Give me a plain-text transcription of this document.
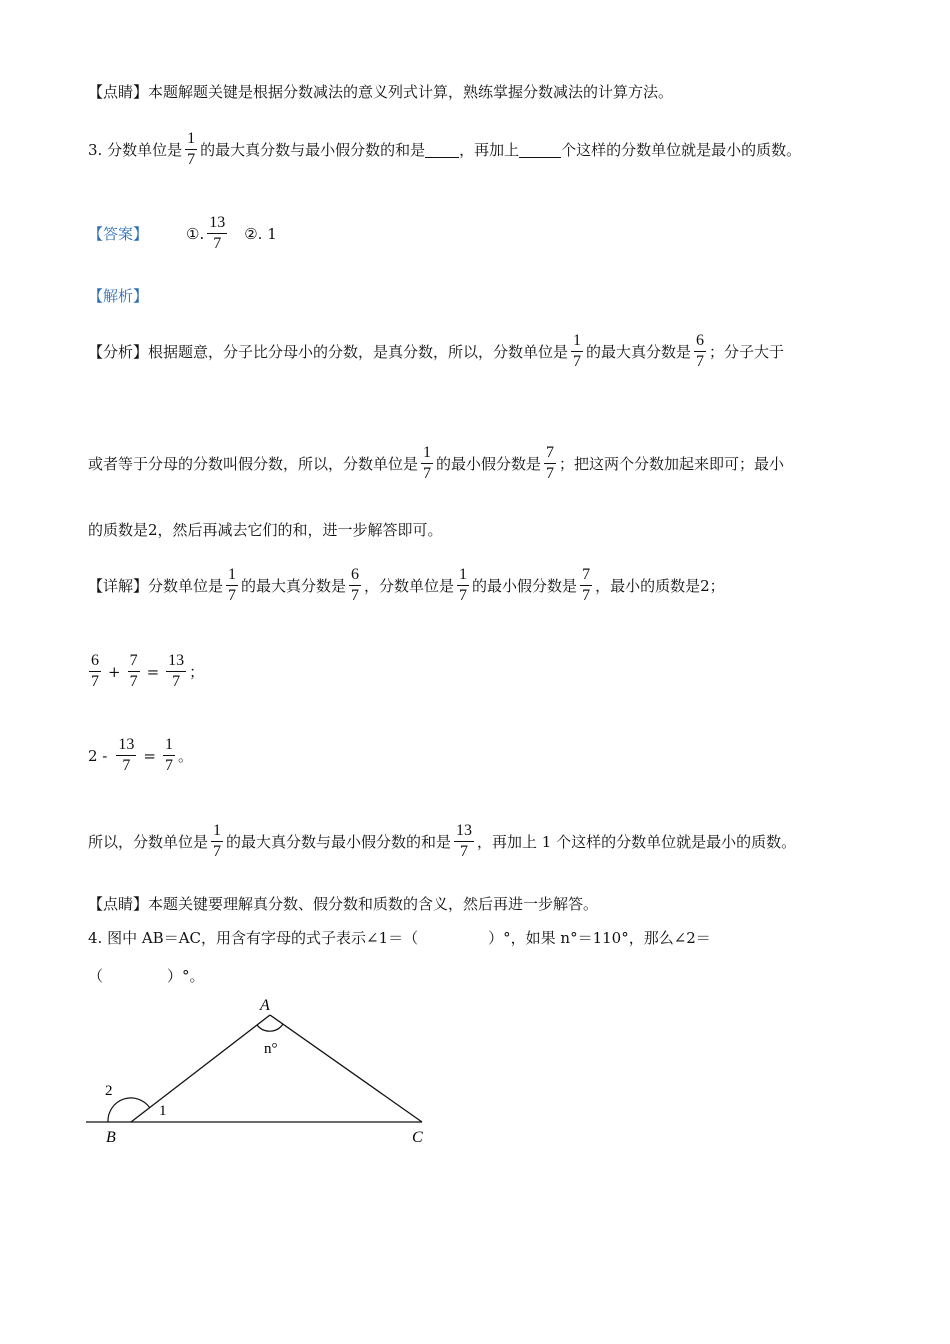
【点睛】本题解题关键是根据分数减法的意义列式计算，熟练掌握分数减法的计算方法。
3. 分数单位是 $\frac{1}{7}$ 的最大真分数与最小假分数的和是 ，再加上	个这样的分数单位就是最小的质数。
【答案】	①. $\frac{13}{7}$ ②. 1
【解析】
【分析】根据题意，分子比分母小的分数，是真分数，所以，分数单位是 $\frac{1}{7}$ 的最大真分数是 $\frac{6}{7}$ ；分子大于
或者等于分母的分数叫假分数，所以，分数单位是 $\frac{1}{7}$ 的最小假分数是 $\frac{7}{7}$ ；把这两个分数加起来即可；最小
的质数是2，然后再减去它们的和，进一步解答即可。
【详解】分数单位是 $\frac{1}{7}$ 的最大真分数是 $\frac{6}{7}$ ，分数单位是 $\frac{1}{7}$ 的最小假分数是 $\frac{7}{7}$ ，最小的质数是2；
$\frac{6}{7} + \frac{7}{7} = \frac{13}{7}$ ；
$2 - \frac{13}{7} = \frac{1}{7}$ 。
所以，分数单位是 $\frac{1}{7}$ 的最大真分数与最小假分数的和是 $\frac{13}{7}$ ，再加上 1 个这样的分数单位就是最小的质数。
【点睛】本题关键要理解真分数、假分数和质数的含义，然后再进一步解答。
4. 图中 AB＝AC，用含有字母的式子表示∠1＝（	）°，如果 n°＝110°，那么∠2＝
（	）°。
A
B	C
n°
1
2
